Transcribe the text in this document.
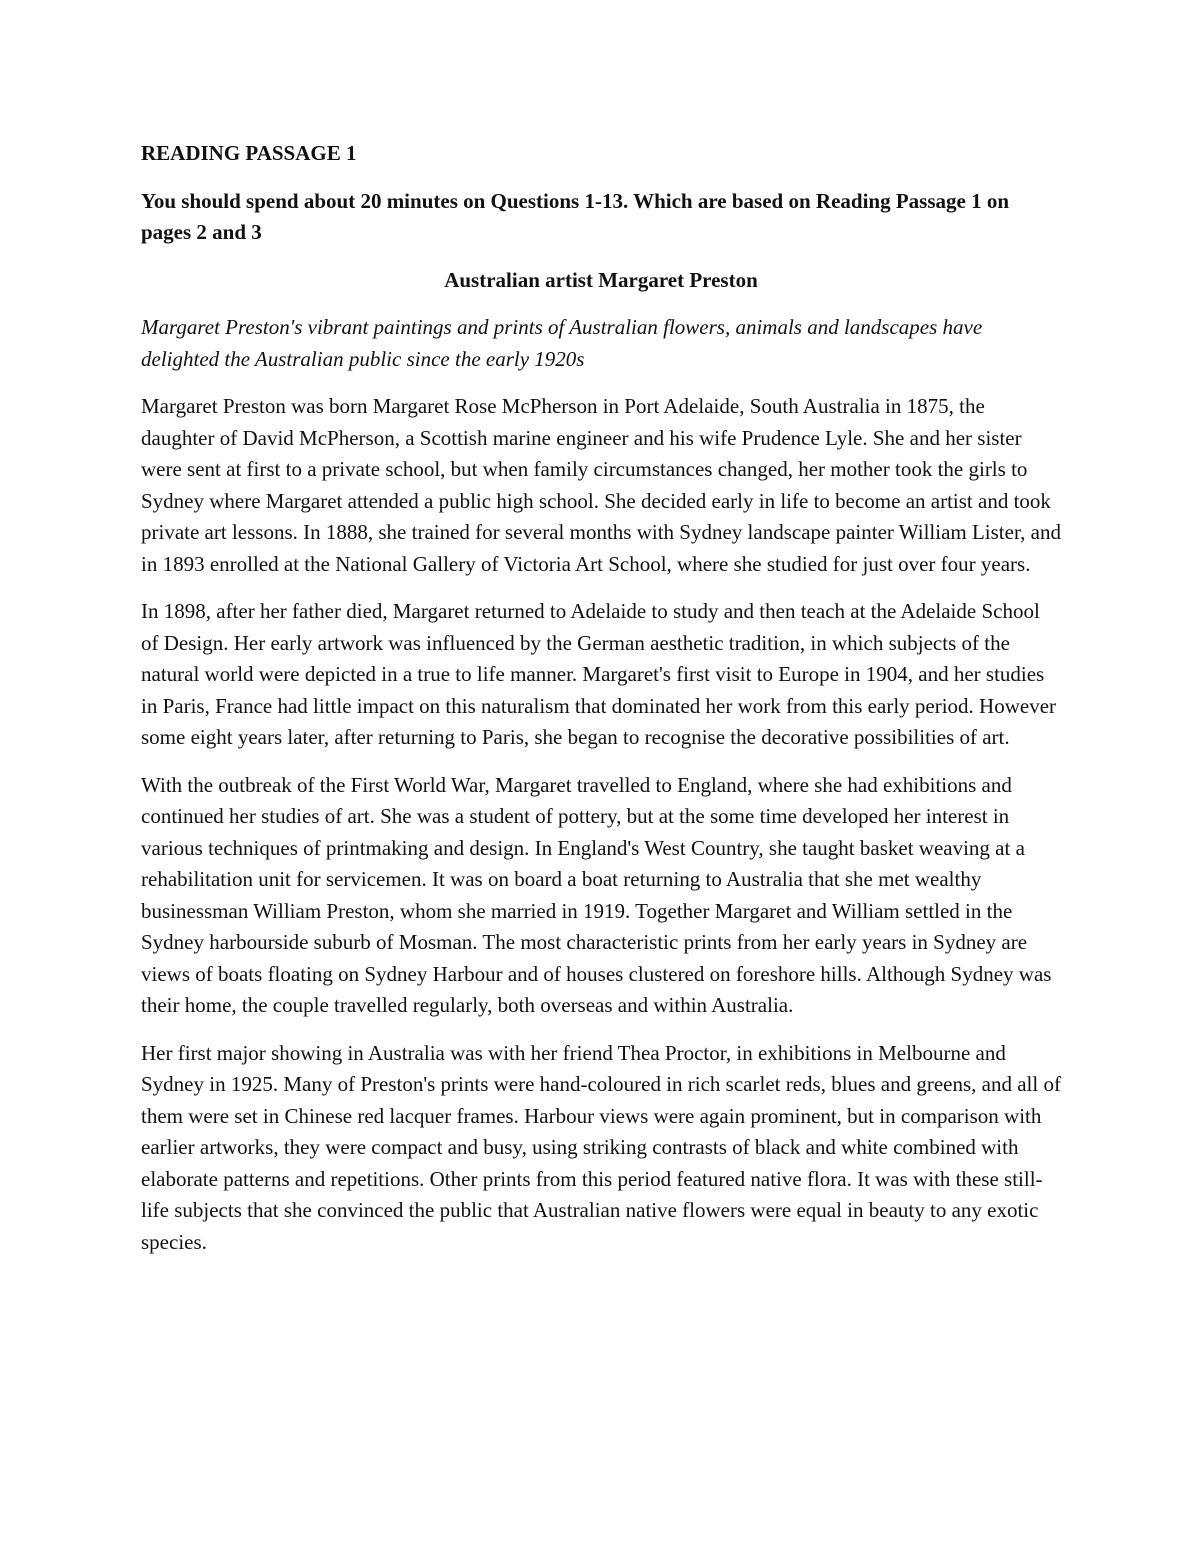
READING PASSAGE 1

You should spend about 20 minutes on Questions 1-13. Which are based on Reading Passage 1 on pages 2 and 3

Australian artist Margaret Preston

Margaret Preston's vibrant paintings and prints of Australian flowers, animals and landscapes have delighted the Australian public since the early 1920s

Margaret Preston was born Margaret Rose McPherson in Port Adelaide, South Australia in 1875, the daughter of David McPherson, a Scottish marine engineer and his wife Prudence Lyle. She and her sister were sent at first to a private school, but when family circumstances changed, her mother took the girls to Sydney where Margaret attended a public high school. She decided early in life to become an artist and took private art lessons. In 1888, she trained for several months with Sydney landscape painter William Lister, and in 1893 enrolled at the National Gallery of Victoria Art School, where she studied for just over four years.

In 1898, after her father died, Margaret returned to Adelaide to study and then teach at the Adelaide School of Design. Her early artwork was influenced by the German aesthetic tradition, in which subjects of the natural world were depicted in a true to life manner. Margaret's first visit to Europe in 1904, and her studies in Paris, France had little impact on this naturalism that dominated her work from this early period. However some eight years later, after returning to Paris, she began to recognise the decorative possibilities of art.

With the outbreak of the First World War, Margaret travelled to England, where she had exhibitions and continued her studies of art. She was a student of pottery, but at the some time developed her interest in various techniques of printmaking and design. In England's West Country, she taught basket weaving at a rehabilitation unit for servicemen. It was on board a boat returning to Australia that she met wealthy businessman William Preston, whom she married in 1919. Together Margaret and William settled in the Sydney harbourside suburb of Mosman. The most characteristic prints from her early years in Sydney are views of boats floating on Sydney Harbour and of houses clustered on foreshore hills. Although Sydney was their home, the couple travelled regularly, both overseas and within Australia.

Her first major showing in Australia was with her friend Thea Proctor, in exhibitions in Melbourne and Sydney in 1925. Many of Preston's prints were hand-coloured in rich scarlet reds, blues and greens, and all of them were set in Chinese red lacquer frames. Harbour views were again prominent, but in comparison with earlier artworks, they were compact and busy, using striking contrasts of black and white combined with elaborate patterns and repetitions. Other prints from this period featured native flora. It was with these still-life subjects that she convinced the public that Australian native flowers were equal in beauty to any exotic species.
